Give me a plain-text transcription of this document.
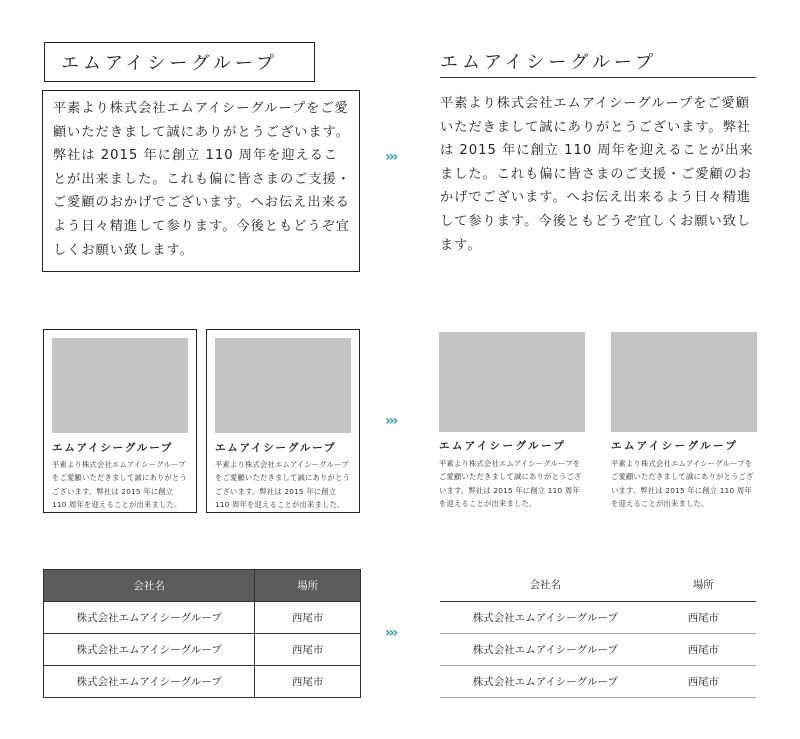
エムアイシーグループ
平素より株式会社エムアイシーグループをご愛顧いただきまして誠にありがとうございます。弊社は 2015 年に創立 110 周年を迎えることが出来ました。これも偏に皆さまのご支援・ご愛顧のおかげでございます。へお伝え出来るよう日々精進して参ります。今後ともどうぞ宜しくお願い致します。
›››
エムアイシーグループ
平素より株式会社エムアイシーグループをご愛顧いただきまして誠にありがとうございます。弊社は 2015 年に創立 110 周年を迎えることが出来ました。これも偏に皆さまのご支援・ご愛顧のおかげでございます。へお伝え出来るよう日々精進して参ります。今後ともどうぞ宜しくお願い致します。
エムアイシーグループ
平素より株式会社エムアイシーグループをご愛顧いただきまして誠にありがとうございます。弊社は 2015 年に創立 110 周年を迎えることが出来ました。
エムアイシーグループ
平素より株式会社エムアイシーグループをご愛顧いただきまして誠にありがとうございます。弊社は 2015 年に創立 110 周年を迎えることが出来ました。
›››
エムアイシーグループ
平素より株式会社エムアイシーグループをご愛顧いただきまして誠にありがとうございます。弊社は 2015 年に創立 110 周年を迎えることが出来ました。
エムアイシーグループ
平素より株式会社エムアイシーグループをご愛顧いただきまして誠にありがとうございます。弊社は 2015 年に創立 110 周年を迎えることが出来ました。
会社名	場所
株式会社エムアイシーグループ	西尾市
株式会社エムアイシーグループ	西尾市
株式会社エムアイシーグループ	西尾市
›››
会社名	場所
株式会社エムアイシーグループ	西尾市
株式会社エムアイシーグループ	西尾市
株式会社エムアイシーグループ	西尾市
